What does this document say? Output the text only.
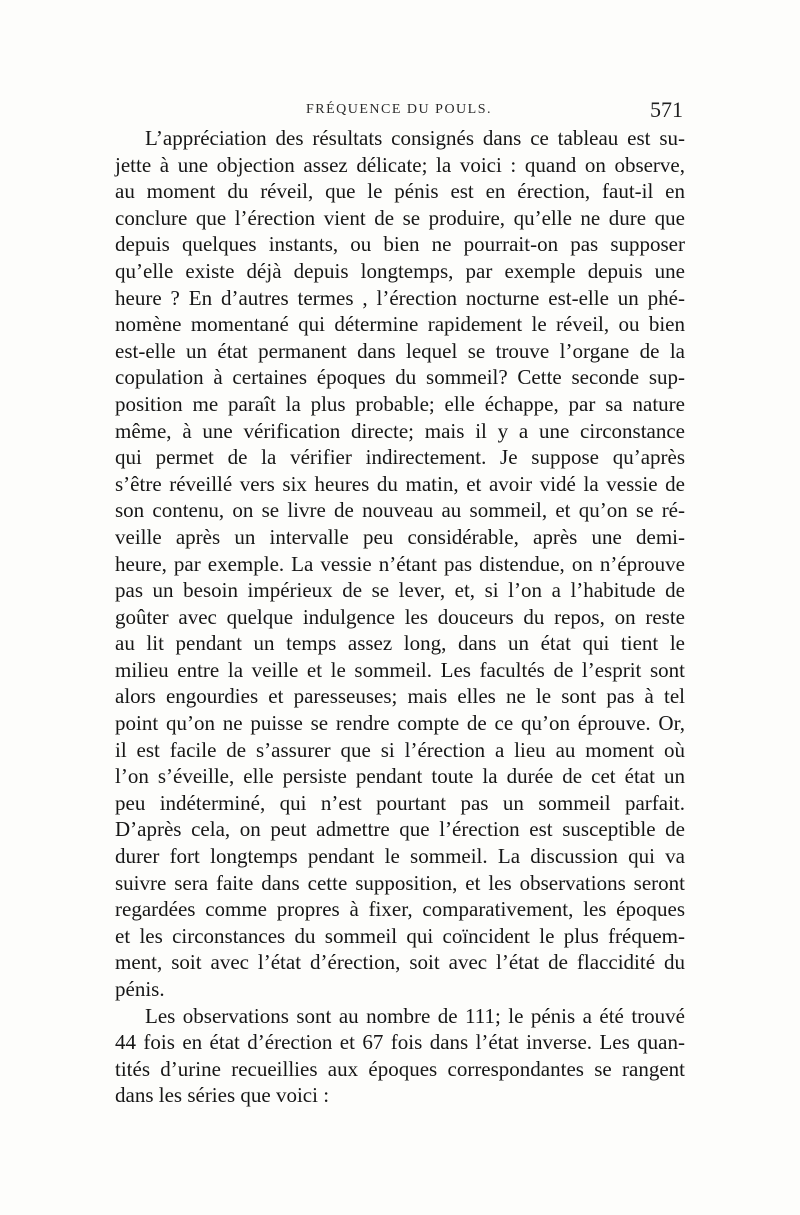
FRÉQUENCE DU POULS.	571

L’appréciation des résultats consignés dans ce tableau est su-
jette à une objection assez délicate; la voici : quand on observe,
au moment du réveil, que le pénis est en érection, faut-il en
conclure que l’érection vient de se produire, qu’elle ne dure que
depuis quelques instants, ou bien ne pourrait-on pas supposer
qu’elle existe déjà depuis longtemps, par exemple depuis une
heure ? En d’autres termes , l’érection nocturne est-elle un phé-
nomène momentané qui détermine rapidement le réveil, ou bien
est-elle un état permanent dans lequel se trouve l’organe de la
copulation à certaines époques du sommeil? Cette seconde sup-
position me paraît la plus probable; elle échappe, par sa nature
même, à une vérification directe; mais il y a une circonstance
qui permet de la vérifier indirectement. Je suppose qu’après
s’être réveillé vers six heures du matin, et avoir vidé la vessie de
son contenu, on se livre de nouveau au sommeil, et qu’on se ré-
veille après un intervalle peu considérable, après une demi-
heure, par exemple. La vessie n’étant pas distendue, on n’éprouve
pas un besoin impérieux de se lever, et, si l’on a l’habitude de
goûter avec quelque indulgence les douceurs du repos, on reste
au lit pendant un temps assez long, dans un état qui tient le
milieu entre la veille et le sommeil. Les facultés de l’esprit sont
alors engourdies et paresseuses; mais elles ne le sont pas à tel
point qu’on ne puisse se rendre compte de ce qu’on éprouve. Or,
il est facile de s’assurer que si l’érection a lieu au moment où
l’on s’éveille, elle persiste pendant toute la durée de cet état un
peu indéterminé, qui n’est pourtant pas un sommeil parfait.
D’après cela, on peut admettre que l’érection est susceptible de
durer fort longtemps pendant le sommeil. La discussion qui va
suivre sera faite dans cette supposition, et les observations seront
regardées comme propres à fixer, comparativement, les époques
et les circonstances du sommeil qui coïncident le plus fréquem-
ment, soit avec l’état d’érection, soit avec l’état de flaccidité du
pénis.

Les observations sont au nombre de 111; le pénis a été trouvé
44 fois en état d’érection et 67 fois dans l’état inverse. Les quan-
tités d’urine recueillies aux époques correspondantes se rangent
dans les séries que voici :
